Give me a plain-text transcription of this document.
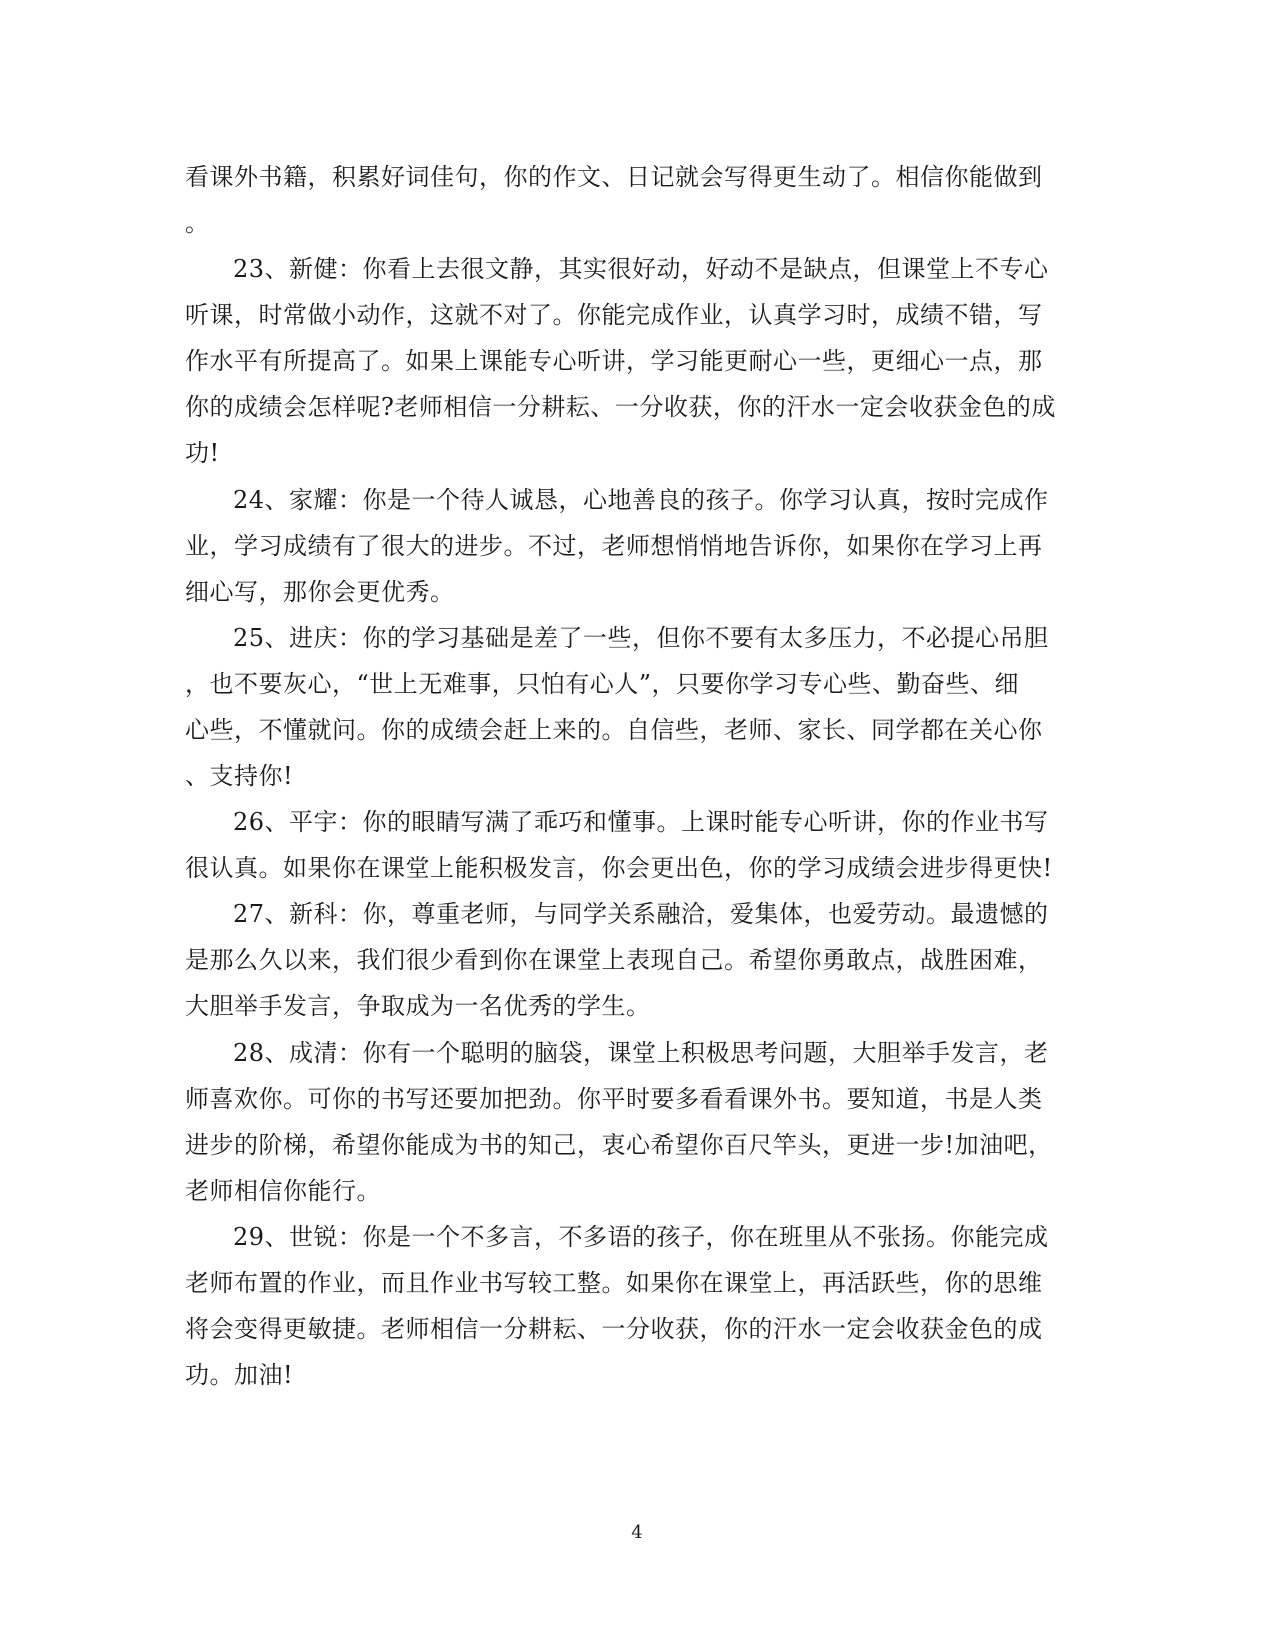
看课外书籍，积累好词佳句，你的作文、日记就会写得更生动了。相信你能做到
。
23、新健：你看上去很文静，其实很好动，好动不是缺点，但课堂上不专心
听课，时常做小动作，这就不对了。你能完成作业，认真学习时，成绩不错，写
作水平有所提高了。如果上课能专心听讲，学习能更耐心一些，更细心一点，那
你的成绩会怎样呢?老师相信一分耕耘、一分收获，你的汗水一定会收获金色的成
功!
24、家耀：你是一个待人诚恳，心地善良的孩子。你学习认真，按时完成作
业，学习成绩有了很大的进步。不过，老师想悄悄地告诉你，如果你在学习上再
细心写，那你会更优秀。
25、进庆：你的学习基础是差了一些，但你不要有太多压力，不必提心吊胆
，也不要灰心，“世上无难事，只怕有心人”，只要你学习专心些、勤奋些、细
心些，不懂就问。你的成绩会赶上来的。自信些，老师、家长、同学都在关心你
、支持你!
26、平宇：你的眼睛写满了乖巧和懂事。上课时能专心听讲，你的作业书写
很认真。如果你在课堂上能积极发言，你会更出色，你的学习成绩会进步得更快!
27、新科：你，尊重老师，与同学关系融洽，爱集体，也爱劳动。最遗憾的
是那么久以来，我们很少看到你在课堂上表现自己。希望你勇敢点，战胜困难，
大胆举手发言，争取成为一名优秀的学生。
28、成清：你有一个聪明的脑袋，课堂上积极思考问题，大胆举手发言，老
师喜欢你。可你的书写还要加把劲。你平时要多看看课外书。要知道，书是人类
进步的阶梯，希望你能成为书的知己，衷心希望你百尺竿头，更进一步!加油吧，
老师相信你能行。
29、世锐：你是一个不多言，不多语的孩子，你在班里从不张扬。你能完成
老师布置的作业，而且作业书写较工整。如果你在课堂上，再活跃些，你的思维
将会变得更敏捷。老师相信一分耕耘、一分收获，你的汗水一定会收获金色的成
功。加油!
4
